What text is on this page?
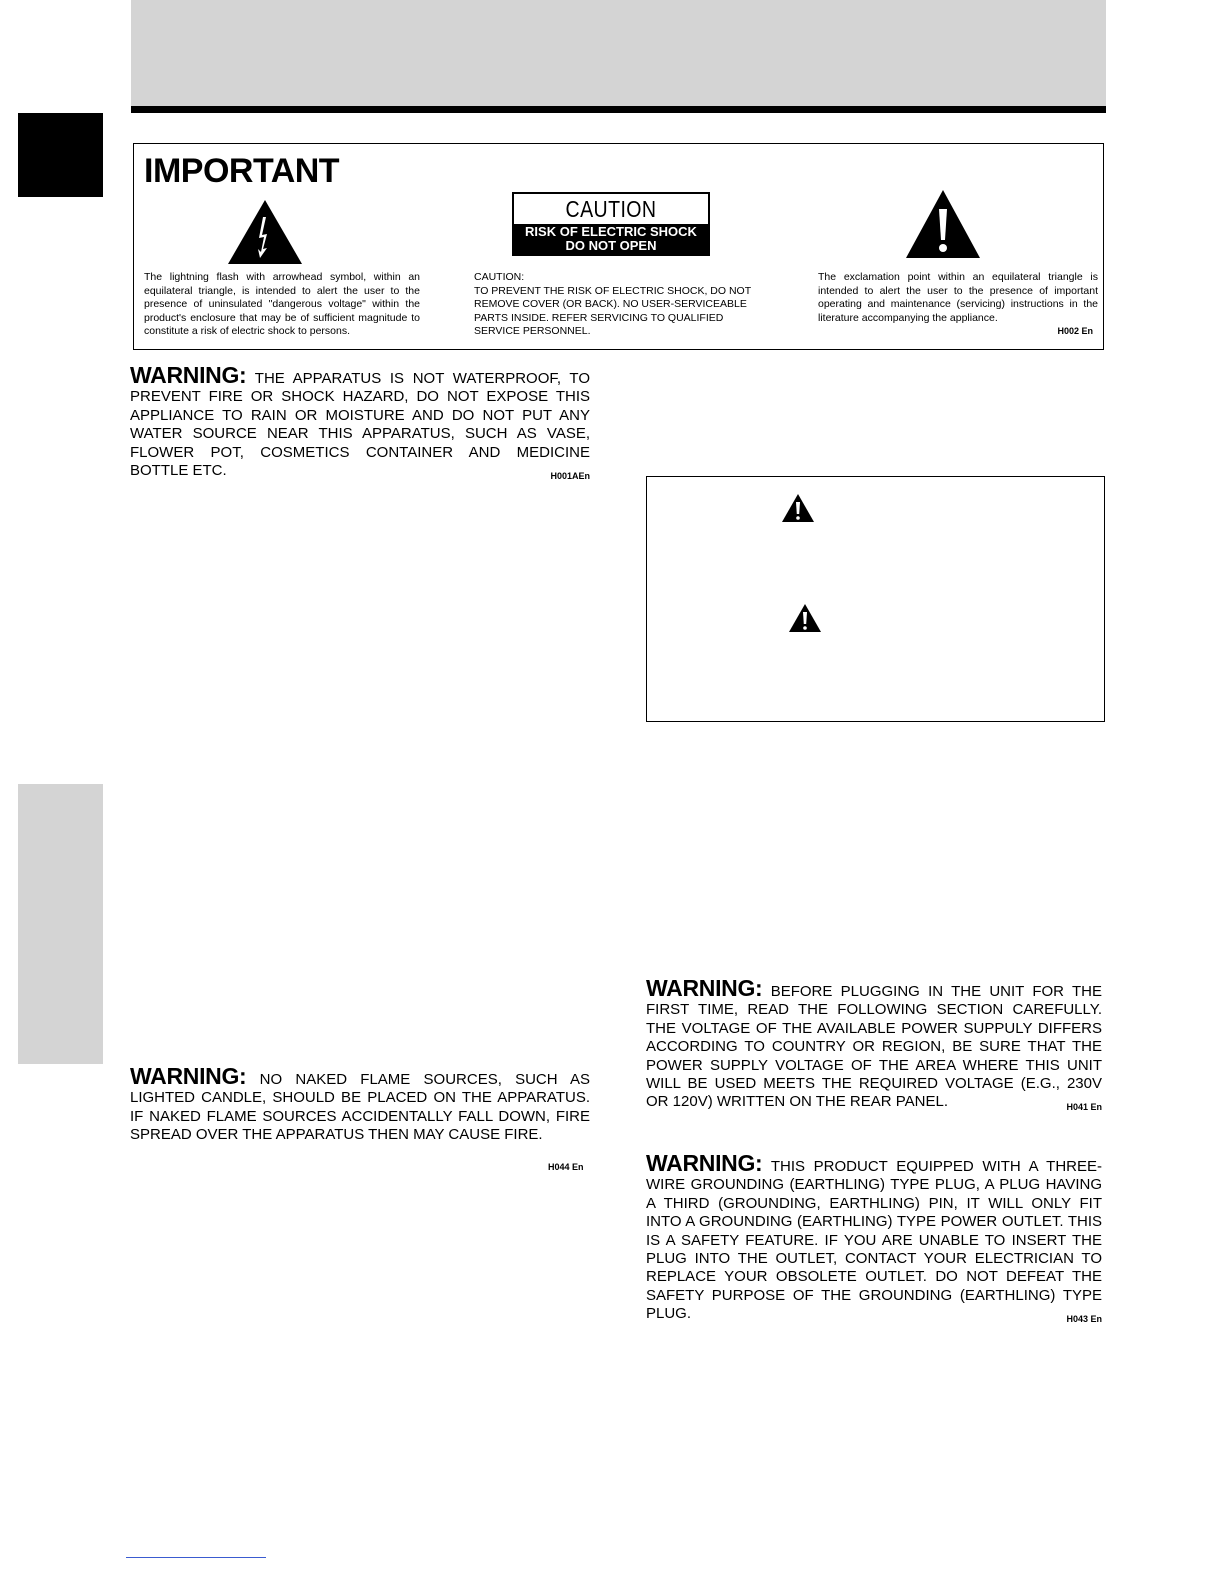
IMPORTANT
CAUTION
RISK OF ELECTRIC SHOCK
DO NOT OPEN

The lightning flash with arrowhead symbol, within an equilateral triangle, is intended to alert the user to the presence of uninsulated "dangerous voltage" within the product's enclosure that may be of sufficient magnitude to constitute a risk of electric shock to persons.

CAUTION:
TO PREVENT THE RISK OF ELECTRIC SHOCK, DO NOT REMOVE COVER (OR BACK). NO USER-SERVICEABLE PARTS INSIDE. REFER SERVICING TO QUALIFIED SERVICE PERSONNEL.

The exclamation point within an equilateral triangle is intended to alert the user to the presence of important operating and maintenance (servicing) instructions in the literature accompanying the appliance.

H002 En

WARNING: THE APPARATUS IS NOT WATERPROOF, TO PREVENT FIRE OR SHOCK HAZARD, DO NOT EXPOSE THIS APPLIANCE TO RAIN OR MOISTURE AND DO NOT PUT ANY WATER SOURCE NEAR THIS APPARATUS, SUCH AS VASE, FLOWER POT, COSMETICS CONTAINER AND MEDICINE BOTTLE ETC.	H001AEn

WARNING: NO NAKED FLAME SOURCES, SUCH AS LIGHTED CANDLE, SHOULD BE PLACED ON THE APPARATUS. IF NAKED FLAME SOURCES ACCIDENTALLY FALL DOWN, FIRE SPREAD OVER THE APPARATUS THEN MAY CAUSE FIRE.

H044 En

WARNING: BEFORE PLUGGING IN THE UNIT FOR THE FIRST TIME, READ THE FOLLOWING SECTION CAREFULLY. THE VOLTAGE OF THE AVAILABLE POWER SUPPULY DIFFERS ACCORDING TO COUNTRY OR REGION, BE SURE THAT THE POWER SUPPLY VOLTAGE OF THE AREA WHERE THIS UNIT WILL BE USED MEETS THE REQUIRED VOLTAGE (E.G., 230V OR 120V) WRITTEN ON THE REAR PANEL.	H041 En

WARNING: THIS PRODUCT EQUIPPED WITH A THREE-WIRE GROUNDING (EARTHLING) TYPE PLUG, A PLUG HAVING A THIRD (GROUNDING, EARTHLING) PIN, IT WILL ONLY FIT INTO A GROUNDING (EARTHLING) TYPE POWER OUTLET. THIS IS A SAFETY FEATURE. IF YOU ARE UNABLE TO INSERT THE PLUG INTO THE OUTLET, CONTACT YOUR ELECTRICIAN TO REPLACE YOUR OBSOLETE OUTLET. DO NOT DEFEAT THE SAFETY PURPOSE OF THE GROUNDING (EARTHLING) TYPE PLUG.	H043 En
